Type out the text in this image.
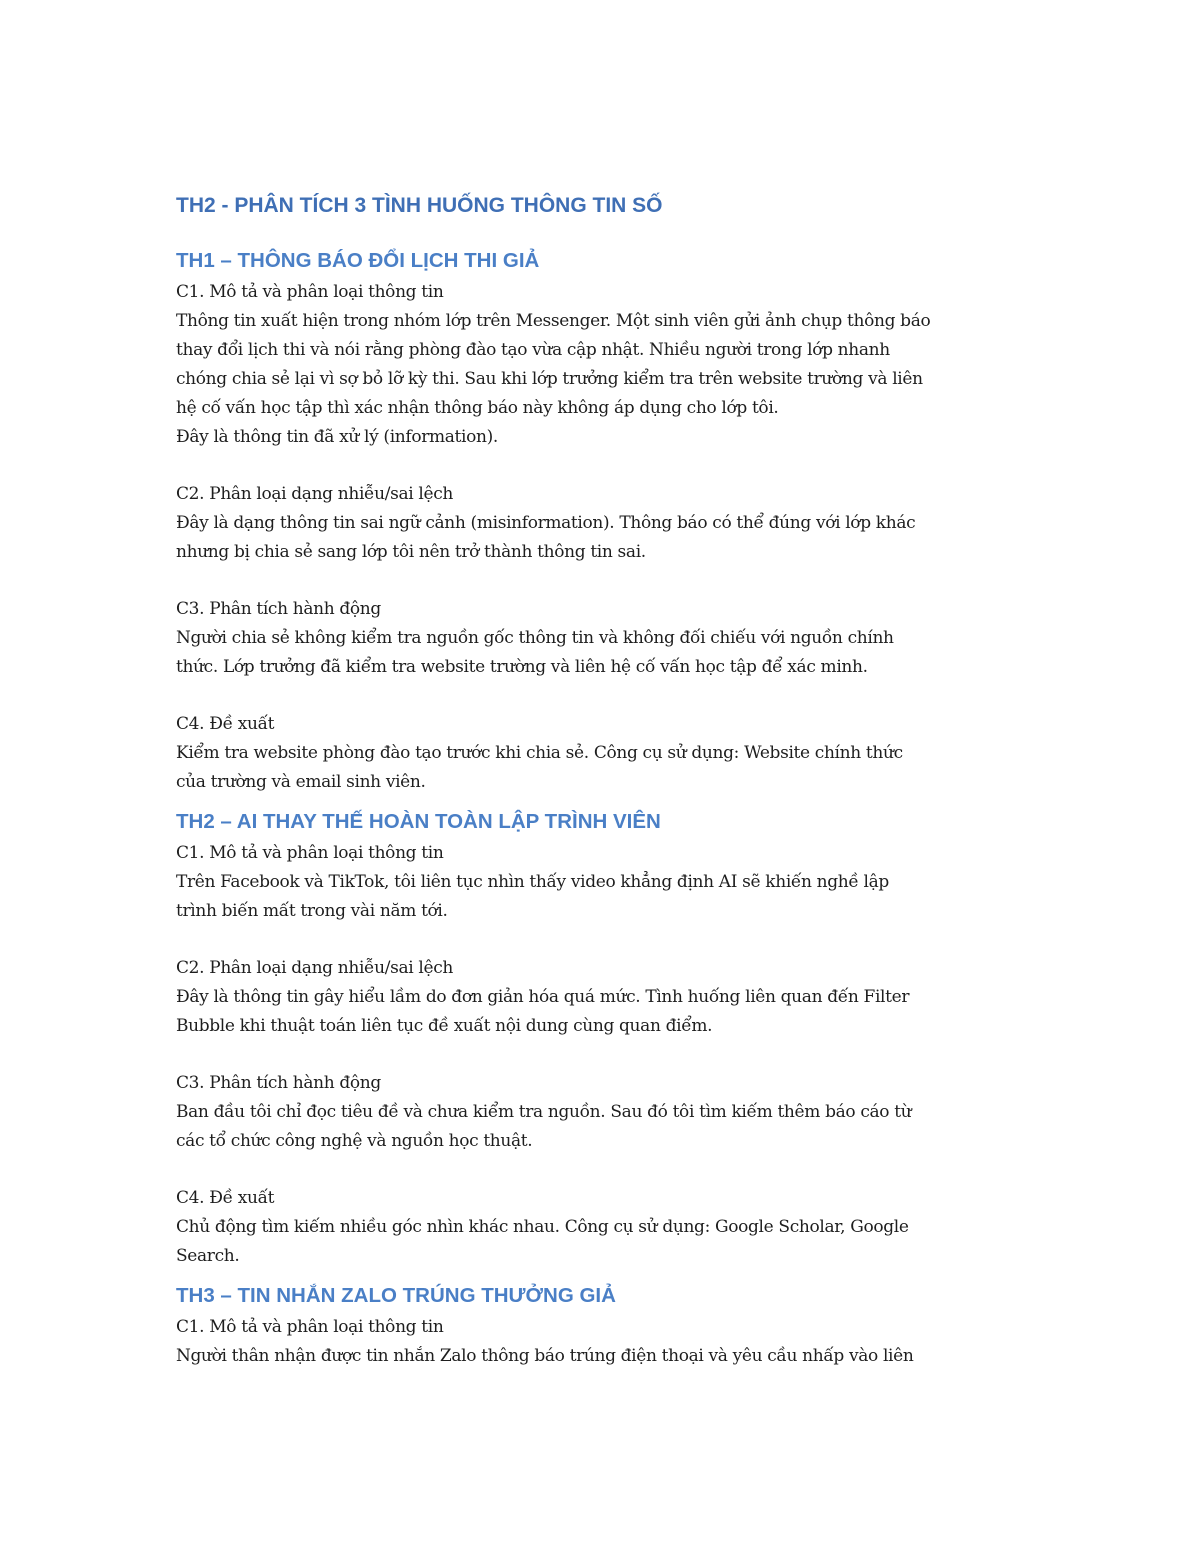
TH2 - PHÂN TÍCH 3 TÌNH HUỐNG THÔNG TIN SỐ
TH1 – THÔNG BÁO ĐỔI LỊCH THI GIẢ

C1. Mô tả và phân loại thông tin

Thông tin xuất hiện trong nhóm lớp trên Messenger. Một sinh viên gửi ảnh chụp thông báo
thay đổi lịch thi và nói rằng phòng đào tạo vừa cập nhật. Nhiều người trong lớp nhanh
chóng chia sẻ lại vì sợ bỏ lỡ kỳ thi. Sau khi lớp trưởng kiểm tra trên website trường và liên
hệ cố vấn học tập thì xác nhận thông báo này không áp dụng cho lớp tôi.
Đây là thông tin đã xử lý (information).

C2. Phân loại dạng nhiễu/sai lệch

Đây là dạng thông tin sai ngữ cảnh (misinformation). Thông báo có thể đúng với lớp khác
nhưng bị chia sẻ sang lớp tôi nên trở thành thông tin sai.

C3. Phân tích hành động

Người chia sẻ không kiểm tra nguồn gốc thông tin và không đối chiếu với nguồn chính
thức. Lớp trưởng đã kiểm tra website trường và liên hệ cố vấn học tập để xác minh.

C4. Đề xuất

Kiểm tra website phòng đào tạo trước khi chia sẻ. Công cụ sử dụng: Website chính thức
của trường và email sinh viên.
TH2 – AI THAY THẾ HOÀN TOÀN LẬP TRÌNH VIÊN

C1. Mô tả và phân loại thông tin

Trên Facebook và TikTok, tôi liên tục nhìn thấy video khẳng định AI sẽ khiến nghề lập
trình biến mất trong vài năm tới.

C2. Phân loại dạng nhiễu/sai lệch

Đây là thông tin gây hiểu lầm do đơn giản hóa quá mức. Tình huống liên quan đến Filter
Bubble khi thuật toán liên tục đề xuất nội dung cùng quan điểm.

C3. Phân tích hành động

Ban đầu tôi chỉ đọc tiêu đề và chưa kiểm tra nguồn. Sau đó tôi tìm kiếm thêm báo cáo từ
các tổ chức công nghệ và nguồn học thuật.

C4. Đề xuất

Chủ động tìm kiếm nhiều góc nhìn khác nhau. Công cụ sử dụng: Google Scholar, Google
Search.
TH3 – TIN NHẮN ZALO TRÚNG THƯỞNG GIẢ

C1. Mô tả và phân loại thông tin

Người thân nhận được tin nhắn Zalo thông báo trúng điện thoại và yêu cầu nhấp vào liên
